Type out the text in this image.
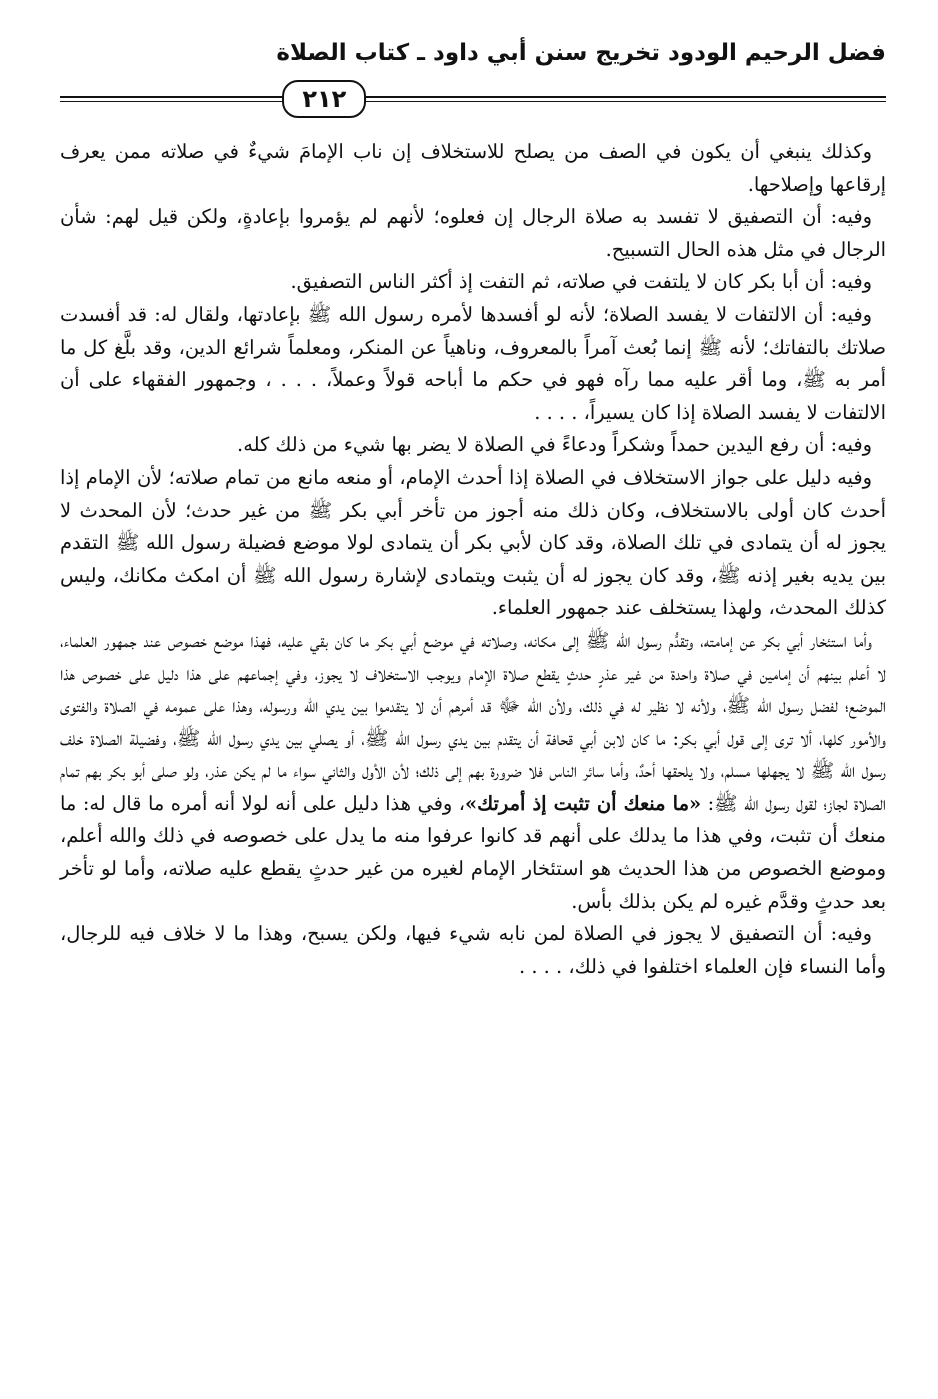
فضل الرحيم الودود تخريج سنن أبي داود ـ كتاب الصلاة
٢١٢

وكذلك ينبغي أن يكون في الصف من يصلح للاستخلاف إن ناب الإمامَ شيءٌ في صلاته ممن يعرف إرقاعها وإصلاحها.

وفيه: أن التصفيق لا تفسد به صلاة الرجال إن فعلوه؛ لأنهم لم يؤمروا بإعادةٍ، ولكن قيل لهم: شأن الرجال في مثل هذه الحال التسبيح.

وفيه: أن أبا بكر كان لا يلتفت في صلاته، ثم التفت إذ أكثر الناس التصفيق.

وفيه: أن الالتفات لا يفسد الصلاة؛ لأنه لو أفسدها لأمره رسول الله ﷺ بإعادتها، ولقال له: قد أفسدت صلاتك بالتفاتك؛ لأنه ﷺ إنما بُعث آمراً بالمعروف، وناهياً عن المنكر، ومعلماً شرائع الدين، وقد بلَّغ كل ما أمر به ﷺ، وما أقر عليه مما رآه فهو في حكم ما أباحه قولاً وعملاً، . . . ، وجمهور الفقهاء على أن الالتفات لا يفسد الصلاة إذا كان يسيراً، . . . .

وفيه: أن رفع اليدين حمداً وشكراً ودعاءً في الصلاة لا يضر بها شيء من ذلك كله.

وفيه دليل على جواز الاستخلاف في الصلاة إذا أحدث الإمام، أو منعه مانع من تمام صلاته؛ لأن الإمام إذا أحدث كان أولى بالاستخلاف، وكان ذلك منه أجوز من تأخر أبي بكر ﷺ من غير حدث؛ لأن المحدث لا يجوز له أن يتمادى في تلك الصلاة، وقد كان لأبي بكر أن يتمادى لولا موضع فضيلة رسول الله ﷺ التقدم بين يديه بغير إذنه ﷺ، وقد كان يجوز له أن يثبت ويتمادى لإشارة رسول الله ﷺ أن امكث مكانك، وليس كذلك المحدث، ولهذا يستخلف عند جمهور العلماء.

وأما استئخار أبي بكر عن إمامته، وتقدُّم رسول الله ﷺ إلى مكانه، وصلاته في موضع أبي بكر ما كان بقي عليه، فهذا موضع خصوص عند جمهور العلماء، لا أعلم بينهم أن إمامين في صلاة واحدة من غير عذرٍ حدثٍ يقطع صلاة الإمام ويوجب الاستخلاف لا يجوز، وفي إجماعهم على هذا دليل على خصوص هذا الموضع؛ لفضل رسول الله ﷺ، ولأنه لا نظير له في ذلك، ولأن الله ﷻ قد أمرهم أن لا يتقدموا بين يدي الله ورسوله، وهذا على عمومه في الصلاة والفتوى والأمور كلها، ألا ترى إلى قول أبي بكر: ما كان لابن أبي قحافة أن يتقدم بين يدي رسول الله ﷺ، أو يصلي بين يدي رسول الله ﷺ، وفضيلة الصلاة خلف رسول الله ﷺ لا يجهلها مسلم، ولا يلحقها أحدٌ، وأما سائر الناس فلا ضرورة بهم إلى ذلك؛ لأن الأول والثاني سواء ما لم يكن عذر، ولو صلى أبو بكر بهم تمام الصلاة لجاز؛ لقول رسول الله ﷺ: «ما منعك أن تثبت إذ أمرتك»، وفي هذا دليل على أنه لولا أنه أمره ما قال له: ما منعك أن تثبت، وفي هذا ما يدلك على أنهم قد كانوا عرفوا منه ما يدل على خصوصه في ذلك والله أعلم، وموضع الخصوص من هذا الحديث هو استئخار الإمام لغيره من غير حدثٍ يقطع عليه صلاته، وأما لو تأخر بعد حدثٍ وقدَّم غيره لم يكن بذلك بأس.

وفيه: أن التصفيق لا يجوز في الصلاة لمن نابه شيء فيها، ولكن يسبح، وهذا ما لا خلاف فيه للرجال، وأما النساء فإن العلماء اختلفوا في ذلك، . . . .
